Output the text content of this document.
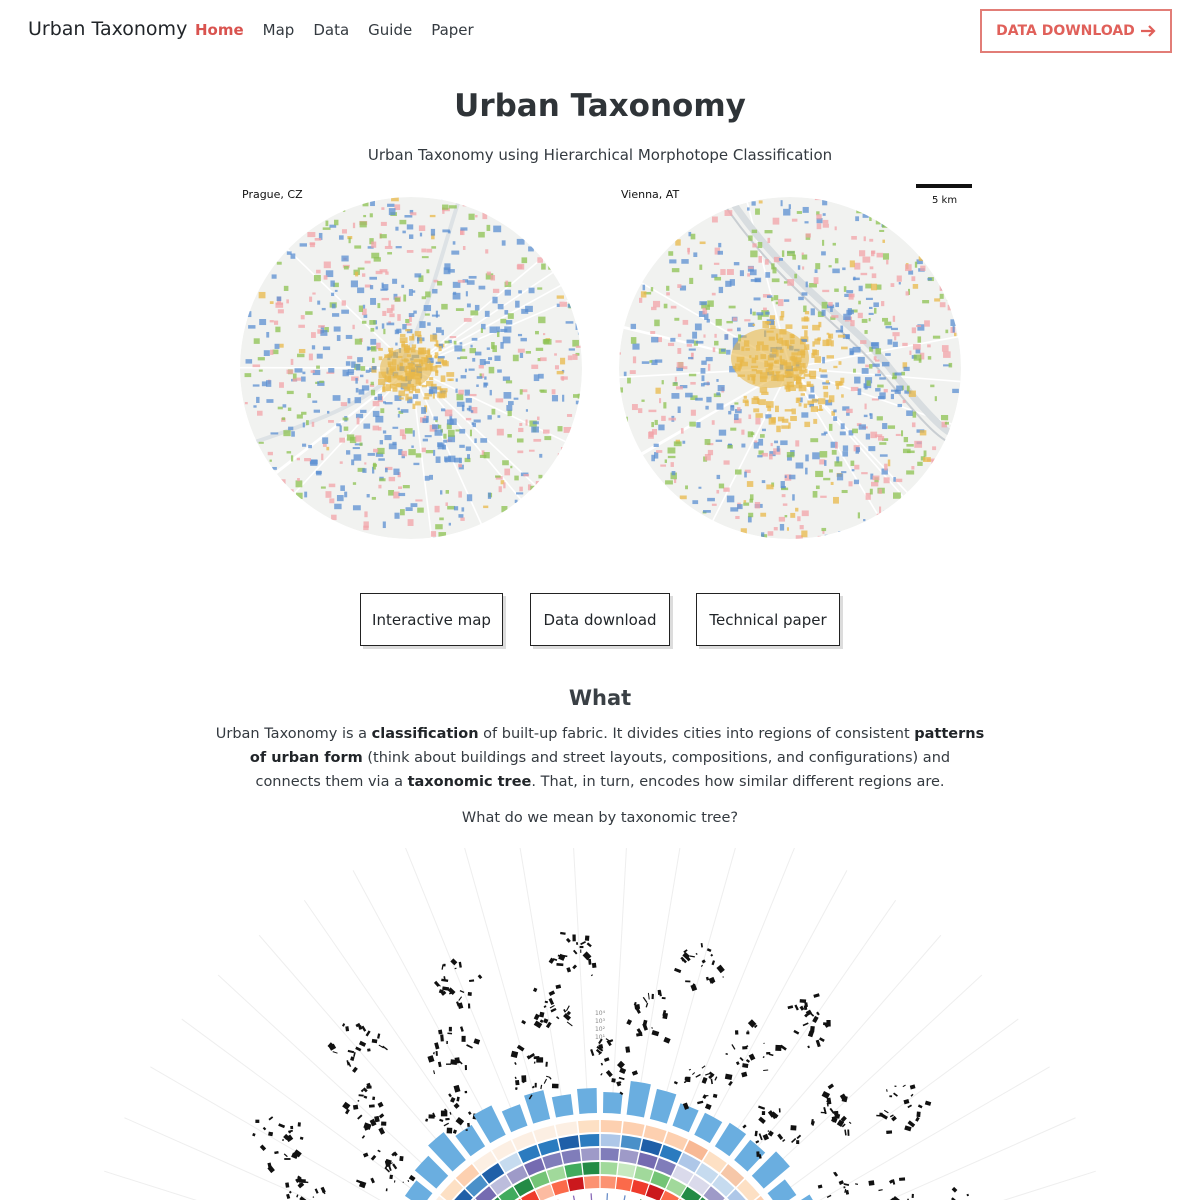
Urban Taxonomy Home Map Data Guide Paper	DATA DOWNLOAD
Urban Taxonomy
Urban Taxonomy using Hierarchical Morphotope Classification
Prague, CZ	Vienna, AT	5 km
Interactive map	Data download	Technical paper
What
Urban Taxonomy is a classification of built-up fabric. It divides cities into regions of consistent patterns of urban form (think about buildings and street layouts, compositions, and configurations) and connects them via a taxonomic tree. That, in turn, encodes how similar different regions are.
What do we mean by taxonomic tree?
10⁴
10³
10²
10¹
